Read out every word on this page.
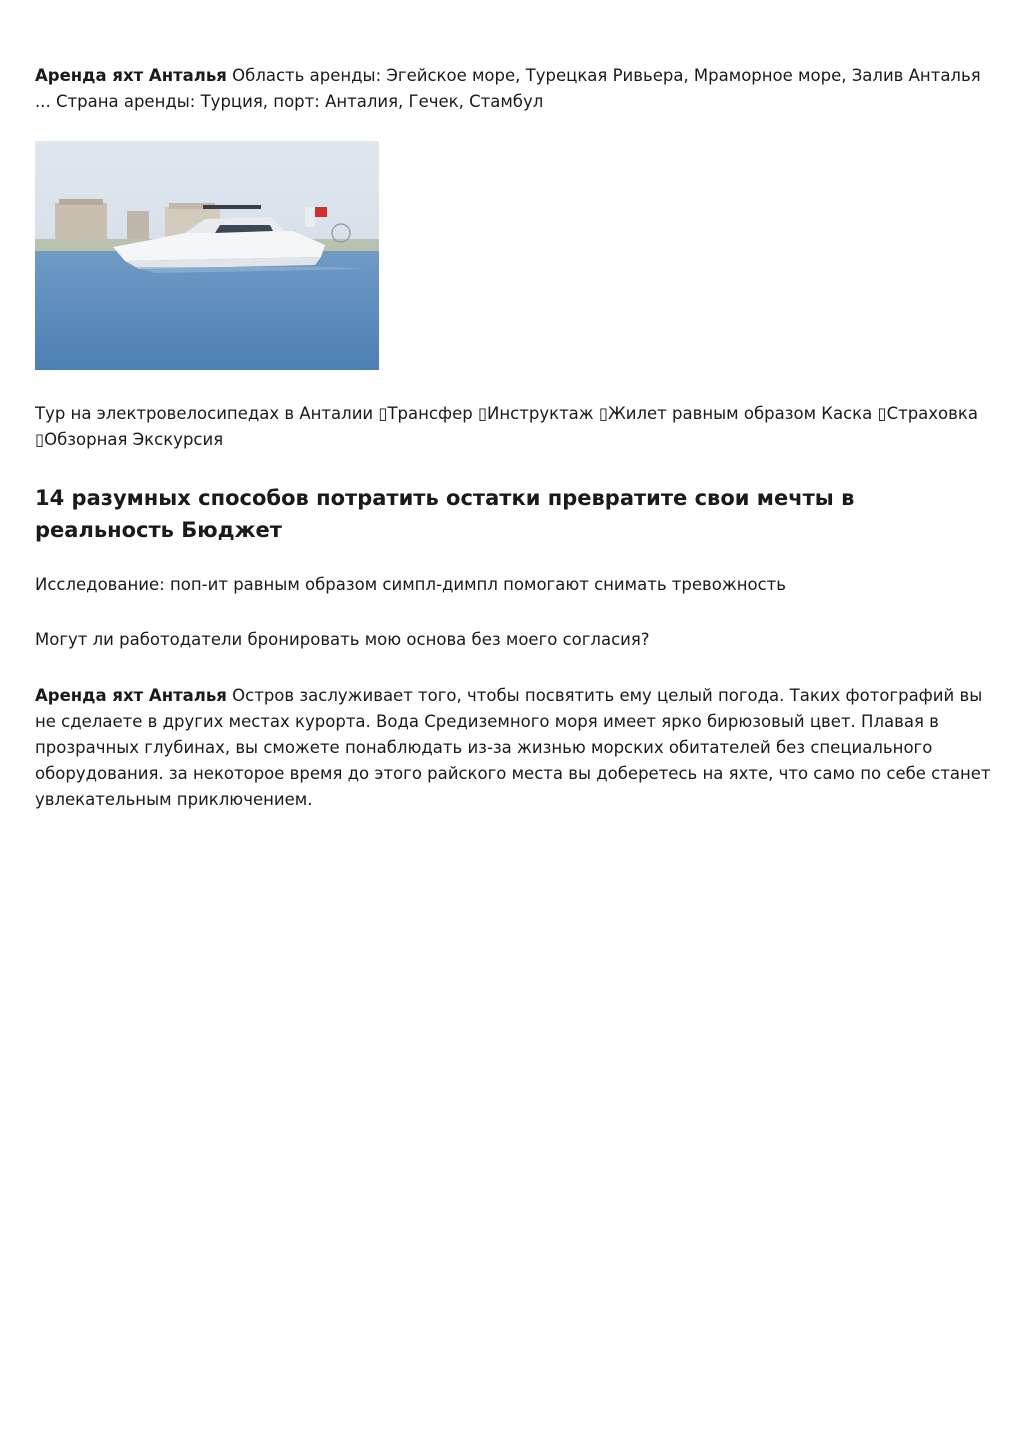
Аренда яхт Анталья Область аренды: Эгейское море, Турецкая Ривьера, Мраморное море, Залив Анталья ... Страна аренды: Турция, порт: Анталия, Гечек, Стамбул

Тур на электровелосипедах в Анталии ▯Трансфер ▯Инструктаж ▯Жилет равным образом Каска ▯Страховка ▯Обзорная Экскурсия

14 разумных способов потратить остатки превратите свои мечты в реальность Бюджет

Исследование: поп-ит равным образом симпл-димпл помогают снимать тревожность

Могут ли работодатели бронировать мою основа без моего согласия?

Аренда яхт Анталья Остров заслуживает того, чтобы посвятить ему целый погода. Таких фотографий вы не сделаете в других местах курорта. Вода Средиземного моря имеет ярко бирюзовый цвет. Плавая в прозрачных глубинах, вы сможете понаблюдать из-за жизнью морских обитателей без специального оборудования. за некоторое время до этого райского места вы доберетесь на яхте, что само по себе станет увлекательным приключением.
